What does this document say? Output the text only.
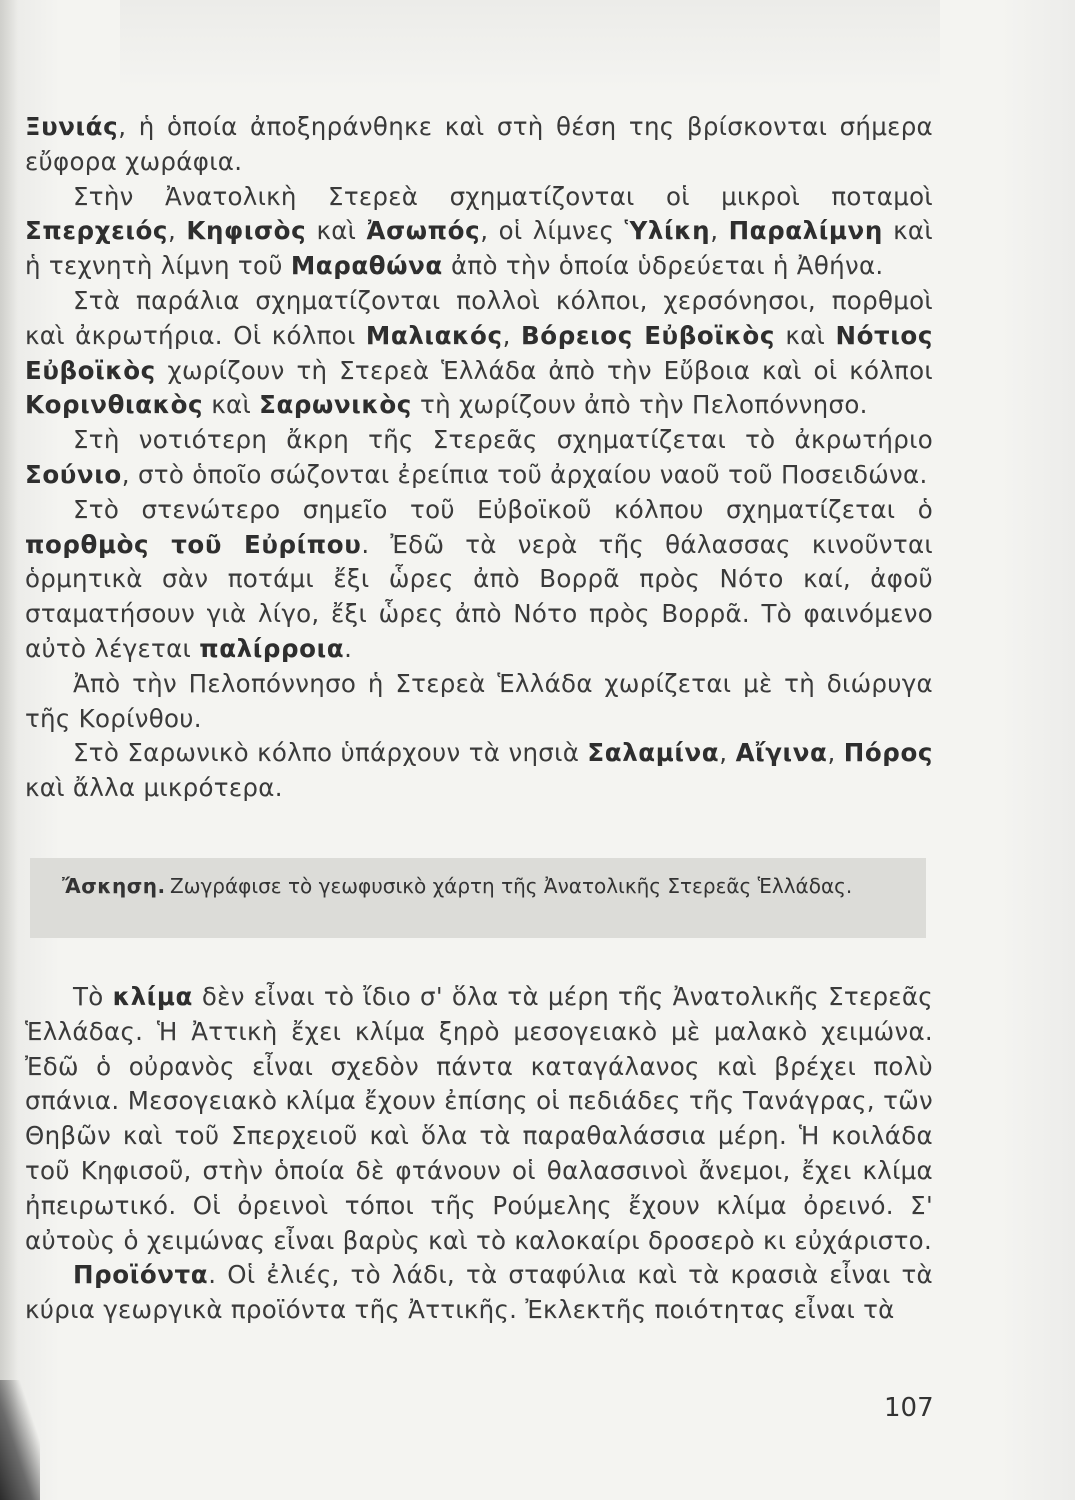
Ξυνιάς, ἡ ὁποία ἀποξηράνθηκε καὶ στὴ θέση της βρίσκονται σήμερα εὔφορα χωράφια.

Στὴν Ἀνατολικὴ Στερεὰ σχηματίζονται οἱ μικροὶ ποταμοὶ Σπερχειός, Κηφισὸς καὶ Ἀσωπός, οἱ λίμνες Ὑλίκη, Παραλίμνη καὶ ἡ τεχνητὴ λίμνη τοῦ Μαραθώνα ἀπὸ τὴν ὁποία ὑδρεύεται ἡ Ἀθήνα.

Στὰ παράλια σχηματίζονται πολλοὶ κόλποι, χερσόνησοι, πορθμοὶ καὶ ἀκρωτήρια. Οἱ κόλποι Μαλιακός, Βόρειος Εὐβοϊκὸς καὶ Νότιος Εὐβοϊκὸς χωρίζουν τὴ Στερεὰ Ἑλλάδα ἀπὸ τὴν Εὔβοια καὶ οἱ κόλποι Κορινθιακὸς καὶ Σαρωνικὸς τὴ χωρίζουν ἀπὸ τὴν Πελοπόννησο.

Στὴ νοτιότερη ἄκρη τῆς Στερεᾶς σχηματίζεται τὸ ἀκρωτήριο Σούνιο, στὸ ὁποῖο σώζονται ἐρείπια τοῦ ἀρχαίου ναοῦ τοῦ Ποσειδώνα.

Στὸ στενώτερο σημεῖο τοῦ Εὐβοϊκοῦ κόλπου σχηματίζεται ὁ πορθμὸς τοῦ Εὐρίπου. Ἐδῶ τὰ νερὰ τῆς θάλασσας κινοῦνται ὁρμητικὰ σὰν ποτάμι ἔξι ὧρες ἀπὸ Βορρᾶ πρὸς Νότο καί, ἀφοῦ σταματήσουν γιὰ λίγο, ἔξι ὧρες ἀπὸ Νότο πρὸς Βορρᾶ. Τὸ φαινόμενο αὐτὸ λέγεται παλίρροια.

Ἀπὸ τὴν Πελοπόννησο ἡ Στερεὰ Ἑλλάδα χωρίζεται μὲ τὴ διώρυγα τῆς Κορίνθου.

Στὸ Σαρωνικὸ κόλπο ὑπάρχουν τὰ νησιὰ Σαλαμίνα, Αἴγινα, Πόρος καὶ ἄλλα μικρότερα.

Ἄσκηση. Ζωγράφισε τὸ γεωφυσικὸ χάρτη τῆς Ἀνατολικῆς Στερεᾶς Ἑλλάδας.

Τὸ κλίμα δὲν εἶναι τὸ ἴδιο σ' ὅλα τὰ μέρη τῆς Ἀνατολικῆς Στερεᾶς Ἑλλάδας. Ἡ Ἀττικὴ ἔχει κλίμα ξηρὸ μεσογειακὸ μὲ μαλακὸ χειμώνα. Ἐδῶ ὁ οὐρανὸς εἶναι σχεδὸν πάντα καταγάλανος καὶ βρέχει πολὺ σπάνια. Μεσογειακὸ κλίμα ἔχουν ἐπίσης οἱ πεδιάδες τῆς Τανάγρας, τῶν Θηβῶν καὶ τοῦ Σπερχειοῦ καὶ ὅλα τὰ παραθαλάσσια μέρη. Ἡ κοιλάδα τοῦ Κηφισοῦ, στὴν ὁποία δὲ φτάνουν οἱ θαλασσινοὶ ἄνεμοι, ἔχει κλίμα ἠπειρωτικό. Οἱ ὀρεινοὶ τόποι τῆς Ρούμελης ἔχουν κλίμα ὀρεινό. Σ' αὐτοὺς ὁ χειμώνας εἶναι βαρὺς καὶ τὸ καλοκαίρι δροσερὸ κι εὐχάριστο.

Προϊόντα. Οἱ ἐλιές, τὸ λάδι, τὰ σταφύλια καὶ τὰ κρασιὰ εἶναι τὰ κύρια γεωργικὰ προϊόντα τῆς Ἀττικῆς. Ἐκλεκτῆς ποιότητας εἶναι τὰ

107
